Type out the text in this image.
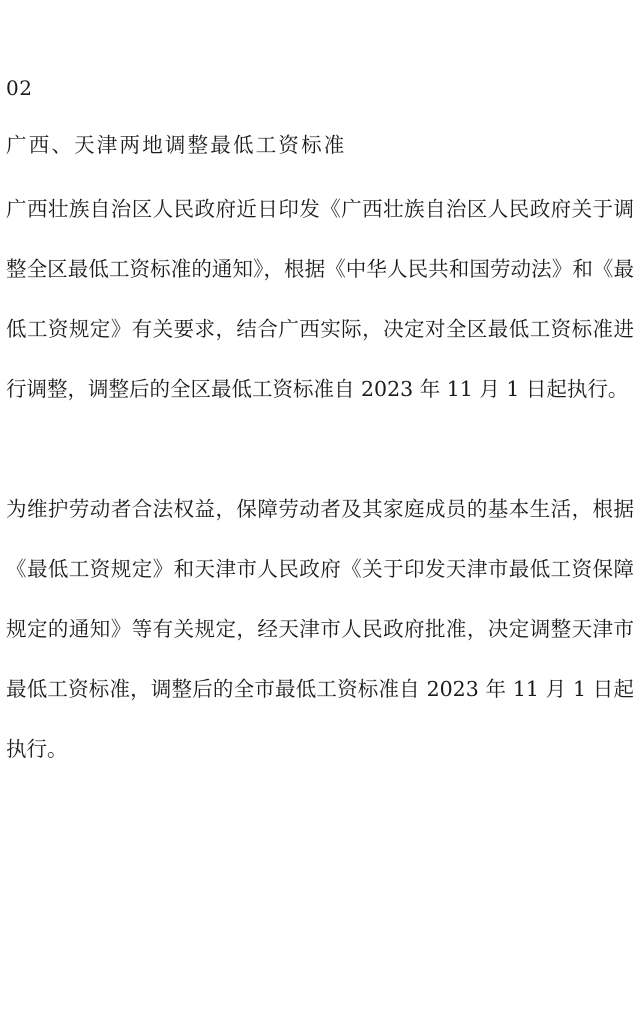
02
广西、天津两地调整最低工资标准

广西壮族自治区人民政府近日印发《广西壮族自治区人民政府关于调整全区最低工资标准的通知》，根据《中华人民共和国劳动法》和《最低工资规定》有关要求，结合广西实际，决定对全区最低工资标准进行调整，调整后的全区最低工资标准自 2023 年 11 月 1 日起执行。

为维护劳动者合法权益，保障劳动者及其家庭成员的基本生活，根据《最低工资规定》和天津市人民政府《关于印发天津市最低工资保障规定的通知》等有关规定，经天津市人民政府批准，决定调整天津市最低工资标准，调整后的全市最低工资标准自 2023 年 11 月 1 日起执行。
